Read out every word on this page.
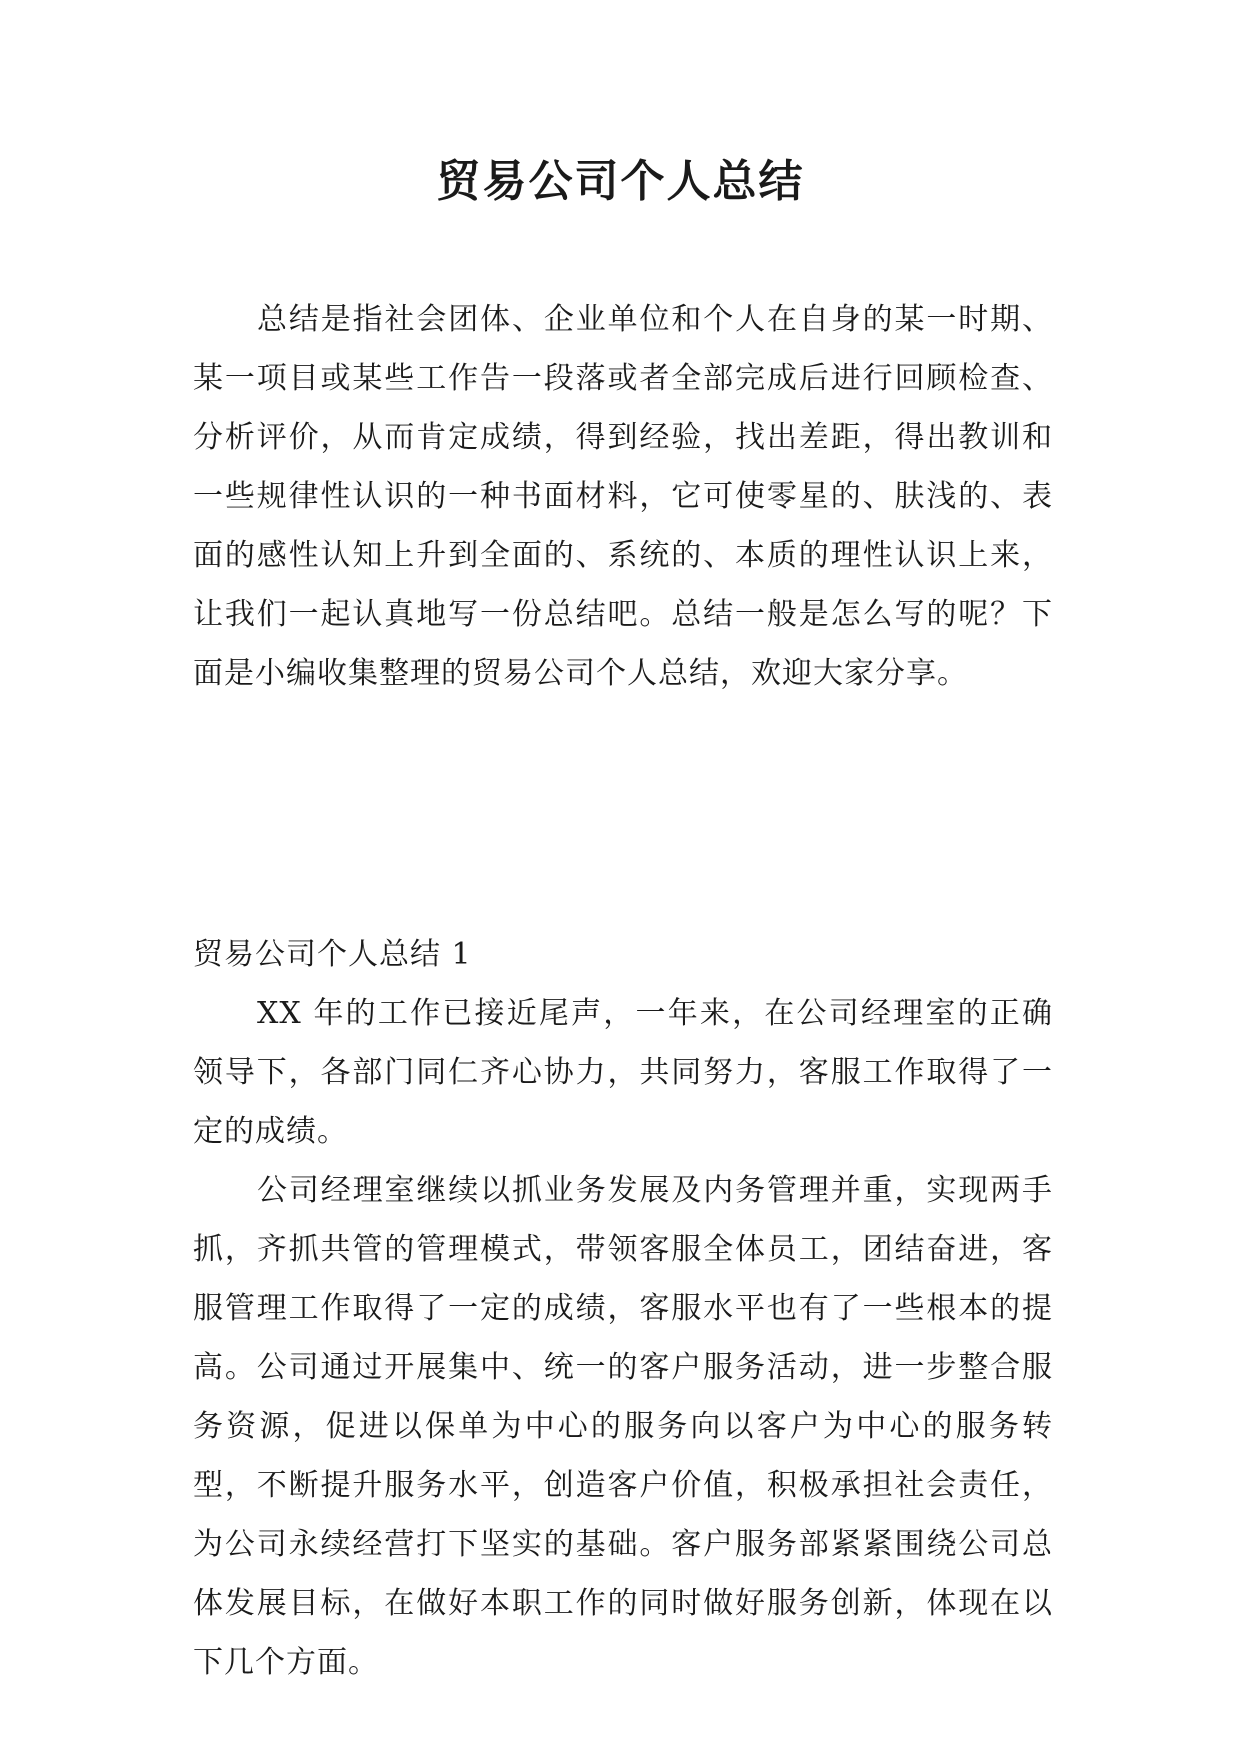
贸易公司个人总结

总结是指社会团体、企业单位和个人在自身的某一时期、某一项目或某些工作告一段落或者全部完成后进行回顾检查、分析评价，从而肯定成绩，得到经验，找出差距，得出教训和一些规律性认识的一种书面材料，它可使零星的、肤浅的、表面的感性认知上升到全面的、系统的、本质的理性认识上来，让我们一起认真地写一份总结吧。总结一般是怎么写的呢？下面是小编收集整理的贸易公司个人总结，欢迎大家分享。

贸易公司个人总结 1

XX 年的工作已接近尾声，一年来，在公司经理室的正确领导下，各部门同仁齐心协力，共同努力，客服工作取得了一定的成绩。

公司经理室继续以抓业务发展及内务管理并重，实现两手抓，齐抓共管的管理模式，带领客服全体员工，团结奋进，客服管理工作取得了一定的成绩，客服水平也有了一些根本的提高。公司通过开展集中、统一的客户服务活动，进一步整合服务资源，促进以保单为中心的服务向以客户为中心的服务转型，不断提升服务水平，创造客户价值，积极承担社会责任，为公司永续经营打下坚实的基础。客户服务部紧紧围绕公司总体发展目标，在做好本职工作的同时做好服务创新，体现在以下几个方面。
